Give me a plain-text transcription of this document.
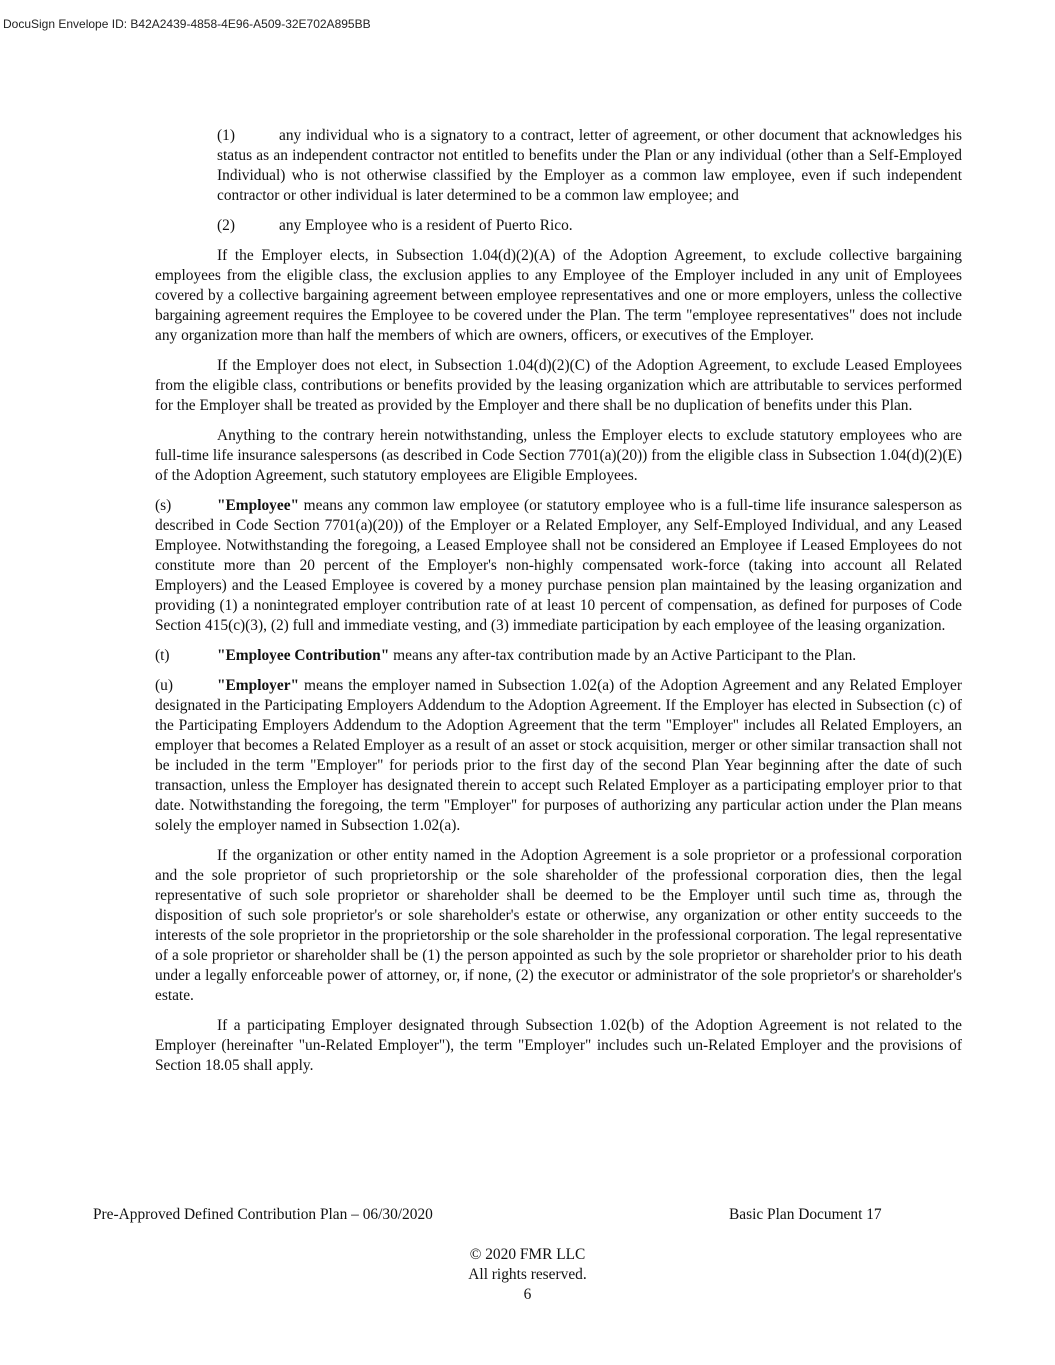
DocuSign Envelope ID: B42A2439-4858-4E96-A509-32E702A895BB
(1)	any individual who is a signatory to a contract, letter of agreement, or other document that acknowledges his status as an independent contractor not entitled to benefits under the Plan or any individual (other than a Self-Employed Individual) who is not otherwise classified by the Employer as a common law employee, even if such independent contractor or other individual is later determined to be a common law employee; and
(2)	any Employee who is a resident of Puerto Rico.

If the Employer elects, in Subsection 1.04(d)(2)(A) of the Adoption Agreement, to exclude collective bargaining employees from the eligible class, the exclusion applies to any Employee of the Employer included in any unit of Employees covered by a collective bargaining agreement between employee representatives and one or more employers, unless the collective bargaining agreement requires the Employee to be covered under the Plan. The term "employee representatives" does not include any organization more than half the members of which are owners, officers, or executives of the Employer.

If the Employer does not elect, in Subsection 1.04(d)(2)(C) of the Adoption Agreement, to exclude Leased Employees from the eligible class, contributions or benefits provided by the leasing organization which are attributable to services performed for the Employer shall be treated as provided by the Employer and there shall be no duplication of benefits under this Plan.

Anything to the contrary herein notwithstanding, unless the Employer elects to exclude statutory employees who are full-time life insurance salespersons (as described in Code Section 7701(a)(20)) from the eligible class in Subsection 1.04(d)(2)(E) of the Adoption Agreement, such statutory employees are Eligible Employees.

(s)	"Employee" means any common law employee (or statutory employee who is a full-time life insurance salesperson as described in Code Section 7701(a)(20)) of the Employer or a Related Employer, any Self-Employed Individual, and any Leased Employee. Notwithstanding the foregoing, a Leased Employee shall not be considered an Employee if Leased Employees do not constitute more than 20 percent of the Employer's non-highly compensated work-force (taking into account all Related Employers) and the Leased Employee is covered by a money purchase pension plan maintained by the leasing organization and providing (1) a nonintegrated employer contribution rate of at least 10 percent of compensation, as defined for purposes of Code Section 415(c)(3), (2) full and immediate vesting, and (3) immediate participation by each employee of the leasing organization.
(t)	"Employee Contribution" means any after-tax contribution made by an Active Participant to the Plan.
(u)	"Employer" means the employer named in Subsection 1.02(a) of the Adoption Agreement and any Related Employer designated in the Participating Employers Addendum to the Adoption Agreement. If the Employer has elected in Subsection (c) of the Participating Employers Addendum to the Adoption Agreement that the term "Employer" includes all Related Employers, an employer that becomes a Related Employer as a result of an asset or stock acquisition, merger or other similar transaction shall not be included in the term "Employer" for periods prior to the first day of the second Plan Year beginning after the date of such transaction, unless the Employer has designated therein to accept such Related Employer as a participating employer prior to that date. Notwithstanding the foregoing, the term "Employer" for purposes of authorizing any particular action under the Plan means solely the employer named in Subsection 1.02(a).

If the organization or other entity named in the Adoption Agreement is a sole proprietor or a professional corporation and the sole proprietor of such proprietorship or the sole shareholder of the professional corporation dies, then the legal representative of such sole proprietor or shareholder shall be deemed to be the Employer until such time as, through the disposition of such sole proprietor's or sole shareholder's estate or otherwise, any organization or other entity succeeds to the interests of the sole proprietor in the proprietorship or the sole shareholder in the professional corporation. The legal representative of a sole proprietor or shareholder shall be (1) the person appointed as such by the sole proprietor or shareholder prior to his death under a legally enforceable power of attorney, or, if none, (2) the executor or administrator of the sole proprietor's or shareholder's estate.

If a participating Employer designated through Subsection 1.02(b) of the Adoption Agreement is not related to the Employer (hereinafter "un-Related Employer"), the term "Employer" includes such un-Related Employer and the provisions of Section 18.05 shall apply.

Pre-Approved Defined Contribution Plan – 06/30/2020	Basic Plan Document 17
© 2020 FMR LLC
All rights reserved.
6
